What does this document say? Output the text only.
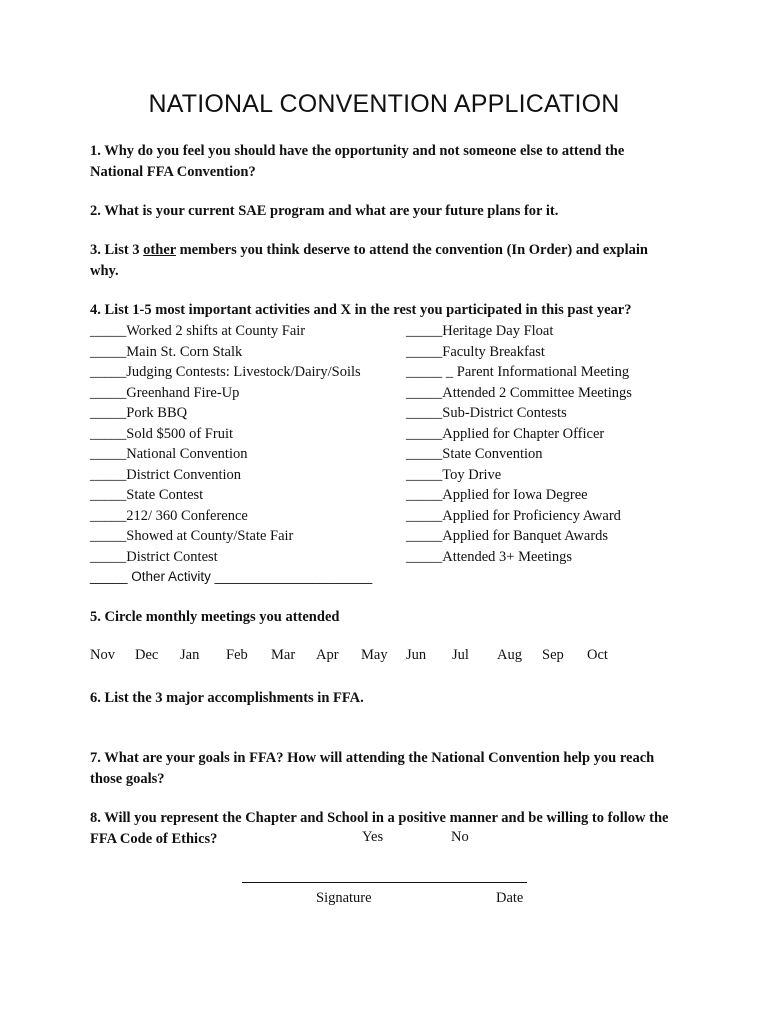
NATIONAL CONVENTION APPLICATION
1. Why do you feel you should have the opportunity and not someone else to attend the National FFA Convention?
2. What is your current SAE program and what are your future plans for it.
3. List 3 other members you think deserve to attend the convention (In Order) and explain why.
4. List 1-5 most important activities and X in the rest you participated in this past year?
_____Worked 2 shifts at County Fair
_____Main St. Corn Stalk
_____Judging Contests: Livestock/Dairy/Soils
_____Greenhand Fire-Up
_____Pork BBQ
_____Sold $500 of Fruit
_____National Convention
_____District Convention
_____State Contest
_____212/ 360 Conference
_____Showed at County/State Fair
_____District Contest
_____Heritage Day Float
_____Faculty Breakfast
_____ _ Parent Informational Meeting
_____Attended 2 Committee Meetings
_____Sub-District Contests
_____Applied for Chapter Officer
_____State Convention
_____Toy Drive
_____Applied for Iowa Degree
_____Applied for Proficiency Award
_____Applied for Banquet Awards
_____Attended 3+ Meetings
_____ Other Activity _____________________
5. Circle monthly meetings you attended
Nov Dec Jan Feb Mar Apr May Jun Jul Aug Sep Oct
6. List the 3 major accomplishments in FFA.
7. What are your goals in FFA? How will attending the National Convention help you reach those goals?
8. Will you represent the Chapter and School in a positive manner and be willing to follow the FFA Code of Ethics?	Yes	No
Signature	Date
